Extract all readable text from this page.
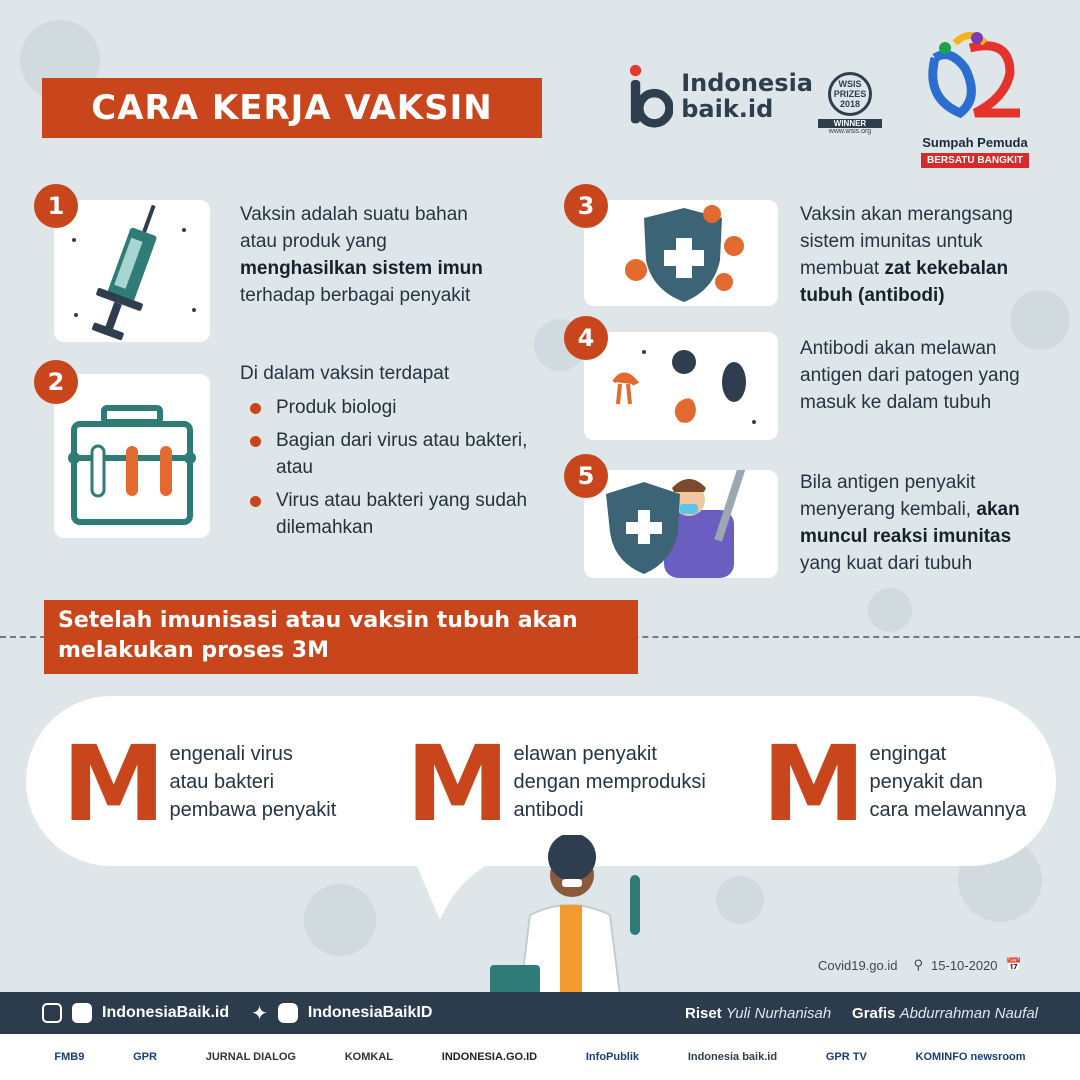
CARA KERJA VAKSIN
Indonesia
baik.id
WSIS
PRIZES
2018
WINNER
www.wsis.org
Sumpah Pemuda
BERSATU BANGKIT
1	Vaksin adalah suatu bahan atau produk yang menghasilkan sistem imun terhadap berbagai penyakit
2	Di dalam vaksin terdapat
Produk biologi
Bagian dari virus atau bakteri, atau
Virus atau bakteri yang sudah dilemahkan
3	Vaksin akan merangsang sistem imunitas untuk membuat zat kekebalan tubuh (antibodi)
4	Antibodi akan melawan antigen dari patogen yang masuk ke dalam tubuh
5	Bila antigen penyakit menyerang kembali, akan muncul reaksi imunitas yang kuat dari tubuh
Setelah imunisasi atau vaksin tubuh akan melakukan proses 3M
M engenali virus
atau bakteri
pembawa penyakit M elawan penyakit
dengan memproduksi
antibodi	M engingat
penyakit dan
cara melawannya
Covid19.go.id ⚲ 15-10-2020 📅
IndonesiaBaik.id ✦	IndonesiaBaikID	Riset Yuli Nurhanisah Grafis Abdurrahman Naufal
FMB9	GPR	JURNAL DIALOG	KOMKAL	INDONESIA.GO.ID	InfoPublik	Indonesia baik.id	GPR TV	KOMINFO newsroom
